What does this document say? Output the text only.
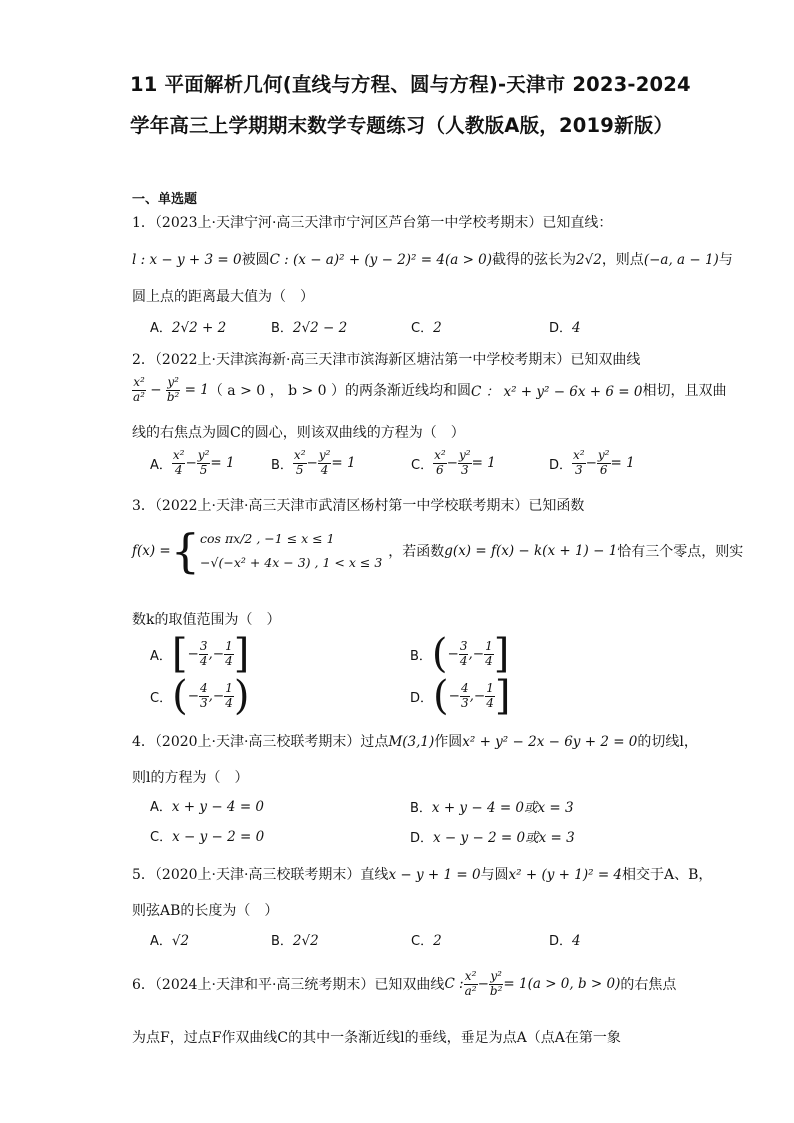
11 平面解析几何(直线与方程、圆与方程)-天津市 2023-2024
学年高三上学期期末数学专题练习（人教版A版，2019新版）
一、单选题
1．（2023上·天津宁河·高三天津市宁河区芦台第一中学校考期末）已知直线：
l : x − y + 3 = 0被圆C : (x − a)² + (y − 2)² = 4(a > 0)截得的弦长为2√2，则点(−a, a − 1)与
圆上点的距离最大值为（　）
A．2√2 + 2	B．2√2 − 2	C．2	D．4
2．（2022上·天津滨海新·高三天津市滨海新区塘沽第一中学校考期末）已知双曲线
$\frac{\text{x²}}{\text{a²}} - \frac{\text{y²}}{\text{b²}} = 1$ （ a > 0 ， b > 0 ）的两条渐近线均和圆 C ： x² + y² − 6x + 6 = 0 相切，且双曲
线的右焦点为圆C的圆心，则该双曲线的方程为（　）
A． $\frac{\text{x²}}{4} - \frac{\text{y²}}{5} = 1$	B． $\frac{\text{x²}}{5} - \frac{\text{y²}}{4} = 1$	C． $\frac{\text{x²}}{6} - \frac{\text{y²}}{3} = 1$	D． $\frac{\text{x²}}{3} - \frac{\text{y²}}{6} = 1$
3．（2022上·天津·高三天津市武清区杨村第一中学校联考期末）已知函数
f(x) = { cos πx/2 , −1 ≤ x ≤ 1
−√(−x² + 4x − 3) , 1 < x ≤ 3
，若函数 g(x) = f(x) − k(x + 1) − 1 恰有三个零点，则实
数k的取值范围为（　）
A． [ − $\frac{3}{4}$ ,− $\frac{1}{4}$ ]	B． ( − $\frac{3}{4}$ ,− $\frac{1}{4}$ ]
C． ( − $\frac{4}{3}$ ,− $\frac{1}{4}$ )	D． ( − $\frac{4}{3}$ ,− $\frac{1}{4}$ ]
4．（2020上·天津·高三校联考期末）过点M(3,1)作圆x² + y² − 2x − 6y + 2 = 0的切线l，
则l的方程为（　）
A．x + y − 4 = 0	B．x + y − 4 = 0或x = 3
C．x − y − 2 = 0	D．x − y − 2 = 0或x = 3
5．（2020上·天津·高三校联考期末）直线x − y + 1 = 0与圆x² + (y + 1)² = 4相交于A、B，
则弦AB的长度为（　）
A．√2	B．2√2	C．2	D．4
6．（2024上·天津和平·高三统考期末）已知双曲线 C : $\frac{\text{x²}}{\text{a²}} - \frac{\text{y²}}{\text{b²}} = 1(a > 0$, b > 0) 的右焦点
为点F，过点F作双曲线C的其中一条渐近线l的垂线，垂足为点A（点A在第一象
